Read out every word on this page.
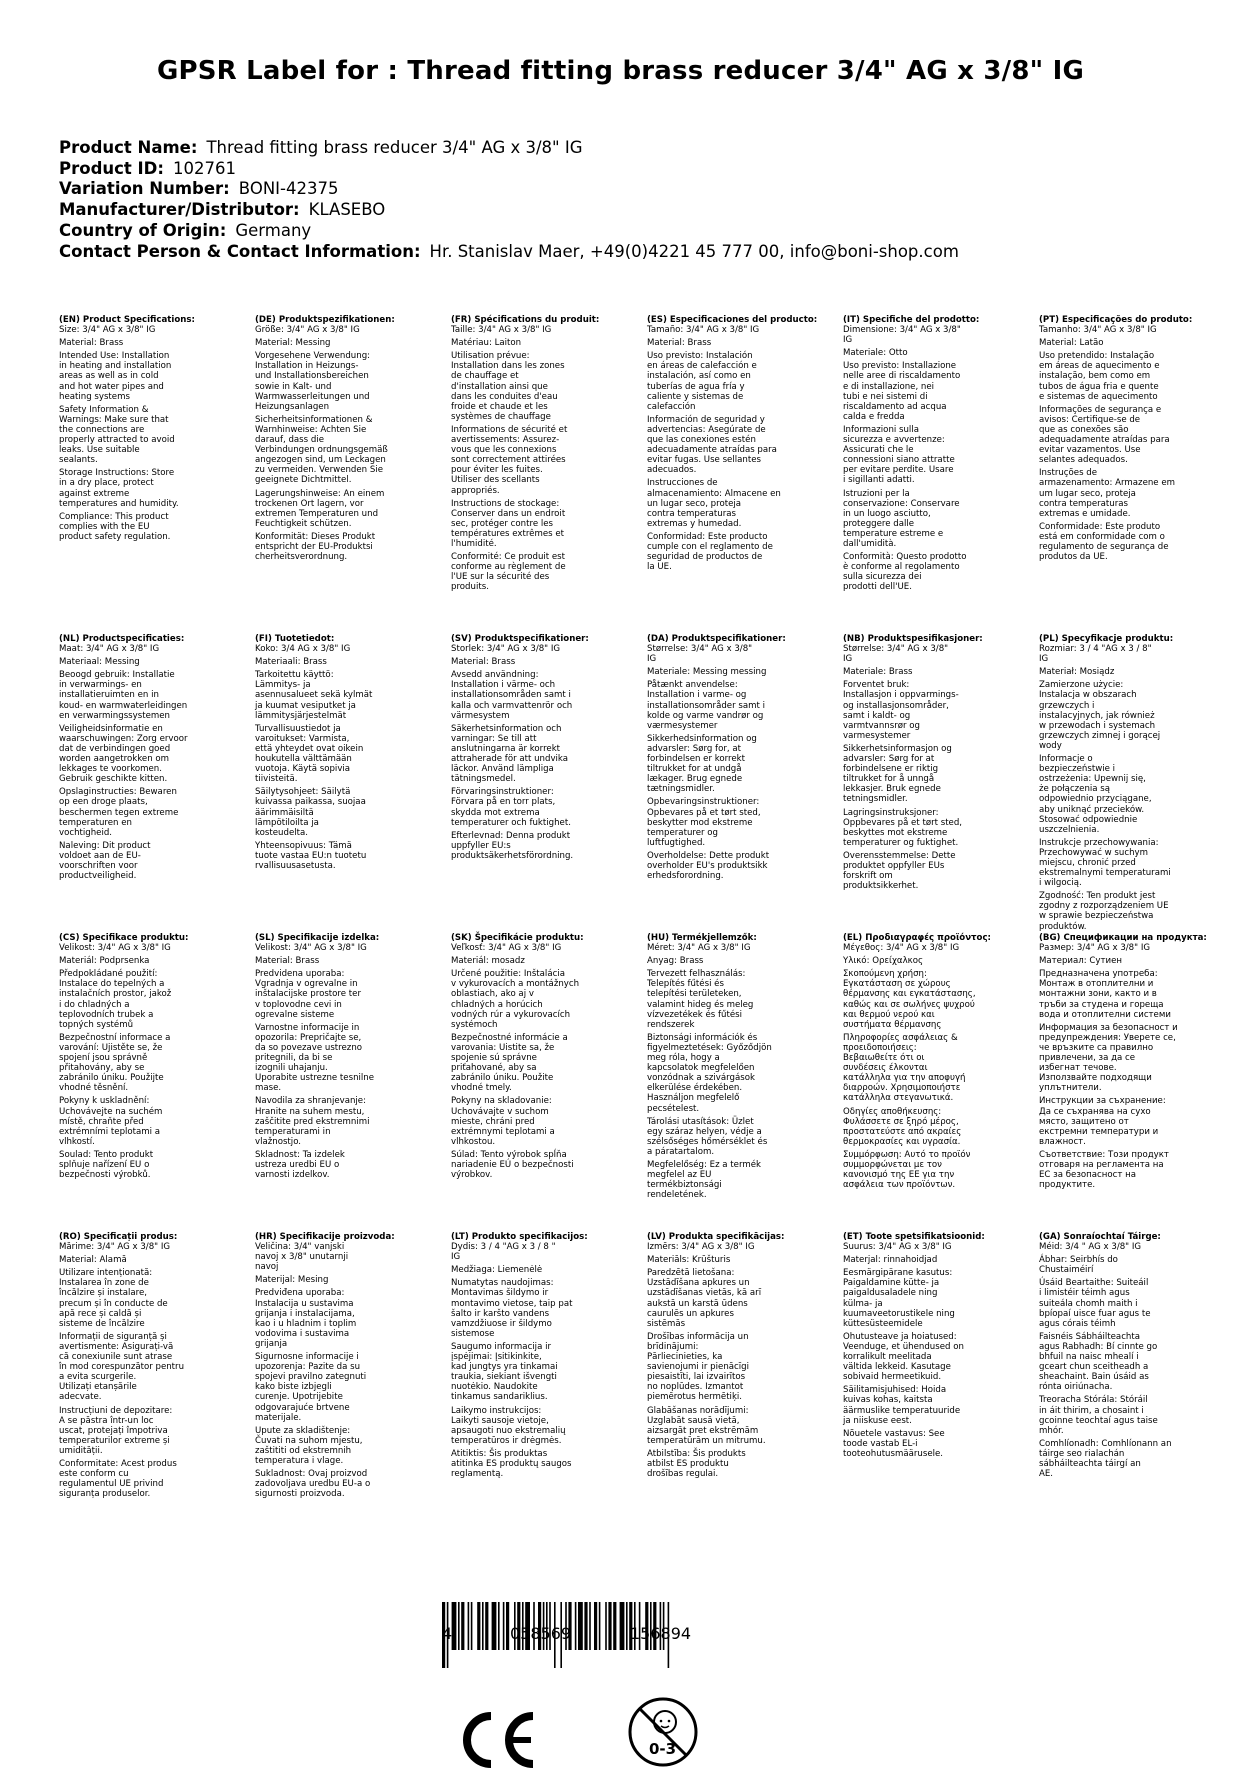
GPSR Label for : Thread fitting brass reducer 3/4" AG x 3/8" IG
Product Name: Thread fitting brass reducer 3/4" AG x 3/8" IG
Product ID: 102761
Variation Number: BONI-42375
Manufacturer/Distributor: KLASEBO
Country of Origin: Germany
Contact Person & Contact Information: Hr. Stanislav Maer, +49(0)4221 45 777 00, info@boni-shop.com
(EN) Product Specifications:
Size: 3/4" AG x 3/8" IG
Material: Brass
Intended Use: Installation
in heating and installation
areas as well as in cold
and hot water pipes and
heating systems
Safety Information &
Warnings: Make sure that
the connections are
properly attracted to avoid
leaks. Use suitable
sealants.
Storage Instructions: Store
in a dry place, protect
against extreme
temperatures and humidity.
Compliance: This product
complies with the EU
product safety regulation.
(DE) Produktspezifikationen:
Größe: 3/4" AG x 3/8" IG
Material: Messing
Vorgesehene Verwendung:
Installation in Heizungs-
und Installationsbereichen
sowie in Kalt- und
Warmwasserleitungen und
Heizungsanlagen
Sicherheitsinformationen &
Warnhinweise: Achten Sie
darauf, dass die
Verbindungen ordnungsgemäß
angezogen sind, um Leckagen
zu vermeiden. Verwenden Sie
geeignete Dichtmittel.
Lagerungshinweise: An einem
trockenen Ort lagern, vor
extremen Temperaturen und
Feuchtigkeit schützen.
Konformität: Dieses Produkt
entspricht der EU-Produktsi
cherheitsverordnung.
(FR) Spécifications du produit:
Taille: 3/4" AG x 3/8" IG
Matériau: Laiton
Utilisation prévue:
Installation dans les zones
de chauffage et
d'installation ainsi que
dans les conduites d'eau
froide et chaude et les
systèmes de chauffage
Informations de sécurité et
avertissements: Assurez-
vous que les connexions
sont correctement attirées
pour éviter les fuites.
Utiliser des scellants
appropriés.
Instructions de stockage:
Conserver dans un endroit
sec, protéger contre les
températures extrêmes et
l'humidité.
Conformité: Ce produit est
conforme au règlement de
l'UE sur la sécurité des
produits.
(ES) Especificaciones del producto:
Tamaño: 3/4" AG x 3/8" IG
Material: Brass
Uso previsto: Instalación
en áreas de calefacción e
instalación, así como en
tuberías de agua fría y
caliente y sistemas de
calefacción
Información de seguridad y
advertencias: Asegúrate de
que las conexiones estén
adecuadamente atraídas para
evitar fugas. Use sellantes
adecuados.
Instrucciones de
almacenamiento: Almacene en
un lugar seco, proteja
contra temperaturas
extremas y humedad.
Conformidad: Este producto
cumple con el reglamento de
seguridad de productos de
la UE.
(IT) Specifiche del prodotto:
Dimensione: 3/4" AG x 3/8"
IG
Materiale: Otto
Uso previsto: Installazione
nelle aree di riscaldamento
e di installazione, nei
tubi e nei sistemi di
riscaldamento ad acqua
calda e fredda
Informazioni sulla
sicurezza e avvertenze:
Assicurati che le
connessioni siano attratte
per evitare perdite. Usare
i sigillanti adatti.
Istruzioni per la
conservazione: Conservare
in un luogo asciutto,
proteggere dalle
temperature estreme e
dall'umidità.
Conformità: Questo prodotto
è conforme al regolamento
sulla sicurezza dei
prodotti dell'UE.
(PT) Especificações do produto:
Tamanho: 3/4" AG x 3/8" IG
Material: Latão
Uso pretendido: Instalação
em áreas de aquecimento e
instalação, bem como em
tubos de água fria e quente
e sistemas de aquecimento
Informações de segurança e
avisos: Certifique-se de
que as conexões são
adequadamente atraídas para
evitar vazamentos. Use
selantes adequados.
Instruções de
armazenamento: Armazene em
um lugar seco, proteja
contra temperaturas
extremas e umidade.
Conformidade: Este produto
está em conformidade com o
regulamento de segurança de
produtos da UE.
(NL) Productspecificaties:
Maat: 3/4" AG x 3/8" IG
Materiaal: Messing
Beoogd gebruik: Installatie
in verwarmings- en
installatieruimten en in
koud- en warmwaterleidingen
en verwarmingssystemen
Veiligheidsinformatie en
waarschuwingen: Zorg ervoor
dat de verbindingen goed
worden aangetrokken om
lekkages te voorkomen.
Gebruik geschikte kitten.
Opslaginstructies: Bewaren
op een droge plaats,
beschermen tegen extreme
temperaturen en
vochtigheid.
Naleving: Dit product
voldoet aan de EU-
voorschriften voor
productveiligheid.
(FI) Tuotetiedot:
Koko: 3/4 AG x 3/8" IG
Materiaali: Brass
Tarkoitettu käyttö:
Lämmitys- ja
asennusalueet sekä kylmät
ja kuumat vesiputket ja
lämmitysjärjestelmät
Turvallisuustiedot ja
varoitukset: Varmista,
että yhteydet ovat oikein
houkutella välttämään
vuotoja. Käytä sopivia
tiivisteitä.
Säilytysohjeet: Säilytä
kuivassa paikassa, suojaa
äärimmäisiltä
lämpötiloilta ja
kosteudelta.
Yhteensopivuus: Tämä
tuote vastaa EU:n tuotetu
rvallisuusasetusta.
(SV) Produktspecifikationer:
Storlek: 3/4" AG x 3/8" IG
Material: Brass
Avsedd användning:
Installation i värme- och
installationsområden samt i
kalla och varmvattenrör och
värmesystem
Säkerhetsinformation och
varningar: Se till att
anslutningarna är korrekt
attraherade för att undvika
läckor. Använd lämpliga
tätningsmedel.
Förvaringsinstruktioner:
Förvara på en torr plats,
skydda mot extrema
temperaturer och fuktighet.
Efterlevnad: Denna produkt
uppfyller EU:s
produktsäkerhetsförordning.
(DA) Produktspecifikationer:
Størrelse: 3/4" AG x 3/8"
IG
Materiale: Messing messing
Påtænkt anvendelse:
Installation i varme- og
installationsområder samt i
kolde og varme vandrør og
værmesystemer
Sikkerhedsinformation og
advarsler: Sørg for, at
forbindelsen er korrekt
tiltrukket for at undgå
lækager. Brug egnede
tætningsmidler.
Opbevaringsinstruktioner:
Opbevares på et tørt sted,
beskytter mod ekstreme
temperaturer og
luftfugtighed.
Overholdelse: Dette produkt
overholder EU's produktsikk
erhedsforordning.
(NB) Produktspesifikasjoner:
Størrelse: 3/4" AG x 3/8"
IG
Materiale: Brass
Forventet bruk:
Installasjon i oppvarmings-
og installasjonsområder,
samt i kaldt- og
varmtvannsrør og
varmesystemer
Sikkerhetsinformasjon og
advarsler: Sørg for at
forbindelsene er riktig
tiltrukket for å unngå
lekkasjer. Bruk egnede
tetningsmidler.
Lagringsinstruksjoner:
Oppbevares på et tørt sted,
beskyttes mot ekstreme
temperaturer og fuktighet.
Overensstemmelse: Dette
produktet oppfyller EUs
forskrift om
produktsikkerhet.
(PL) Specyfikacje produktu:
Rozmiar: 3 / 4 "AG x 3 / 8"
IG
Materiał: Mosiądz
Zamierzone użycie:
Instalacja w obszarach
grzewczych i
instalacyjnych, jak również
w przewodach i systemach
grzewczych zimnej i gorącej
wody
Informacje o
bezpieczeństwie i
ostrzeżenia: Upewnij się,
że połączenia są
odpowiednio przyciągane,
aby uniknąć przecieków.
Stosować odpowiednie
uszczelnienia.
Instrukcje przechowywania:
Przechowywać w suchym
miejscu, chronić przed
ekstremalnymi temperaturami
i wilgocią.
Zgodność: Ten produkt jest
zgodny z rozporządzeniem UE
w sprawie bezpieczeństwa
produktów.
(CS) Specifikace produktu:
Velikost: 3/4" AG x 3/8" IG
Materiál: Podprsenka
Předpokládané použití:
Instalace do tepelných a
instalačních prostor, jakož
i do chladných a
teplovodních trubek a
topných systémů
Bezpečnostní informace a
varování: Ujistěte se, že
spojení jsou správně
přitahovány, aby se
zabránilo úniku. Použijte
vhodné těsnění.
Pokyny k uskladnění:
Uchovávejte na suchém
místě, chraňte před
extrémními teplotami a
vlhkostí.
Soulad: Tento produkt
splňuje nařízení EU o
bezpečnosti výrobků.
(SL) Specifikacije izdelka:
Velikost: 3/4" AG x 3/8" IG
Material: Brass
Predvidena uporaba:
Vgradnja v ogrevalne in
inštalacijske prostore ter
v toplovodne cevi in
ogrevalne sisteme
Varnostne informacije in
opozorila: Prepričajte se,
da so povezave ustrezno
pritegnili, da bi se
izognili uhajanju.
Uporabite ustrezne tesnilne
mase.
Navodila za shranjevanje:
Hranite na suhem mestu,
zaščitite pred ekstremnimi
temperaturami in
vlažnostjo.
Skladnost: Ta izdelek
ustreza uredbi EU o
varnosti izdelkov.
(SK) Špecifikácie produktu:
Veľkosť: 3/4" AG x 3/8" IG
Materiál: mosadz
Určené použitie: Inštalácia
v vykurovacích a montážnych
oblastiach, ako aj v
chladných a horúcich
vodných rúr a vykurovacích
systémoch
Bezpečnostné informácie a
varovania: Uistite sa, že
spojenie sú správne
priťahované, aby sa
zabránilo úniku. Použite
vhodné tmely.
Pokyny na skladovanie:
Uchovávajte v suchom
mieste, chráni pred
extrémnymi teplotami a
vlhkostou.
Súlad: Tento výrobok spĺňa
nariadenie EÚ o bezpečnosti
výrobkov.
(HU) Termékjellemzők:
Méret: 3/4" AG x 3/8" IG
Anyag: Brass
Tervezett felhasználás:
Telepítés fűtési és
telepítési területeken,
valamint hideg és meleg
vízvezetékek és fűtési
rendszerek
Biztonsági információk és
figyelmeztetések: Győződjön
meg róla, hogy a
kapcsolatok megfelelően
vonzódnak a szivárgások
elkerülése érdekében.
Használjon megfelelő
pecsételest.
Tárolási utasítások: Üzlet
egy száraz helyen, védje a
szélsőséges hőmérséklet és
a páratartalom.
Megfelelőség: Ez a termék
megfelel az EU
termékbiztonsági
rendeletének.
(EL) Προδιαγραφές προϊόντος:
Μέγεθος: 3/4" AG x 3/8" IG
Υλικό: Ορείχαλκος
Σκοπούμενη χρήση:
Εγκατάσταση σε χώρους
θέρμανσης και εγκατάστασης,
καθώς και σε σωλήνες ψυχρού
και θερμού νερού και
συστήματα θέρμανσης
Πληροφορίες ασφάλειας &
προειδοποιήσεις:
Βεβαιωθείτε ότι οι
συνδέσεις έλκονται
κατάλληλα για την αποφυγή
διαρροών. Χρησιμοποιήστε
κατάλληλα στεγανωτικά.
Οδηγίες αποθήκευσης:
Φυλάσσετε σε ξηρό μέρος,
προστατεύστε από ακραίες
θερμοκρασίες και υγρασία.
Συμμόρφωση: Αυτό το προϊόν
συμμορφώνεται με τον
κανονισμό της ΕΕ για την
ασφάλεια των προϊόντων.
(BG) Спецификации на продукта:
Размер: 3/4" AG x 3/8" IG
Материал: Сутиен
Предназначена употреба:
Монтаж в отоплителни и
монтажни зони, както и в
тръби за студена и гореща
вода и отоплителни системи
Информация за безопасност и
предупреждения: Уверете се,
че връзките са правилно
привлечени, за да се
избегнат течове.
Използвайте подходящи
уплътнители.
Инструкции за съхранение:
Да се съхранява на сухо
място, защитено от
екстремни температури и
влажност.
Съответствие: Този продукт
отговаря на регламента на
ЕС за безопасност на
продуктите.
(RO) Specificații produs:
Mărime: 3/4" AG x 3/8" IG
Material: Alamă
Utilizare intenționată:
Instalarea în zone de
încălzire și instalare,
precum și în conducte de
apă rece și caldă și
sisteme de încălzire
Informații de siguranță și
avertismente: Asigurați-vă
că conexiunile sunt atrase
în mod corespunzător pentru
a evita scurgerile.
Utilizați etanșările
adecvate.
Instrucțiuni de depozitare:
A se păstra într-un loc
uscat, protejați împotriva
temperaturilor extreme și
umidității.
Conformitate: Acest produs
este conform cu
regulamentul UE privind
siguranța produselor.
(HR) Specifikacije proizvoda:
Veličina: 3/4" vanjski
navoj x 3/8" unutarnji
navoj
Materijal: Mesing
Predviđena uporaba:
Instalacija u sustavima
grijanja i instalacijama,
kao i u hladnim i toplim
vodovima i sustavima
grijanja
Sigurnosne informacije i
upozorenja: Pazite da su
spojevi pravilno zategnuti
kako biste izbjegli
curenje. Upotrijebite
odgovarajuće brtvene
materijale.
Upute za skladištenje:
Čuvati na suhom mjestu,
zaštititi od ekstremnih
temperatura i vlage.
Sukladnost: Ovaj proizvod
zadovoljava uredbu EU-a o
sigurnosti proizvoda.
(LT) Produkto specifikacijos:
Dydis: 3 / 4 "AG x 3 / 8 "
IG
Medžiaga: Liemenėlė
Numatytas naudojimas:
Montavimas šildymo ir
montavimo vietose, taip pat
šalto ir karšto vandens
vamzdžiuose ir šildymo
sistemose
Saugumo informacija ir
įspėjimai: Įsitikinkite,
kad jungtys yra tinkamai
traukia, siekiant išvengti
nuotėkio. Naudokite
tinkamus sandariklius.
Laikymo instrukcijos:
Laikyti sausoje vietoje,
apsaugoti nuo ekstremalių
temperatūros ir drėgmės.
Atitiktis: Šis produktas
atitinka ES produktų saugos
reglamentą.
(LV) Produkta specifikācijas:
Izmērs: 3/4" AG x 3/8" IG
Materiāls: Krūšturis
Paredzētā lietošana:
Uzstādīšana apkures un
uzstādīšanas vietās, kā arī
aukstā un karstā ūdens
caurulēs un apkures
sistēmās
Drošības informācija un
brīdinājumi:
Pārliecinieties, ka
savienojumi ir pienācīgi
piesaistīti, lai izvairītos
no noplūdes. Izmantot
piemērotus hermētiķi.
Glabāšanas norādījumi:
Uzglabāt sausā vietā,
aizsargāt pret ekstrēmām
temperatūrām un mitrumu.
Atbilstība: Šis produkts
atbilst ES produktu
drošības regulai.
(ET) Toote spetsifikatsioonid:
Suurus: 3/4" AG x 3/8" IG
Materjal: rinnahoidjad
Eesmärgipärane kasutus:
Paigaldamine kütte- ja
paigaldusaladele ning
külma- ja
kuumaveetorustikele ning
küttesüsteemidele
Ohutusteave ja hoiatused:
Veenduge, et ühendused on
korralikult meelitada
vältida lekkeid. Kasutage
sobivaid hermeetikuid.
Säilitamisjuhised: Hoida
kuivas kohas, kaitsta
äärmuslike temperatuuride
ja niiskuse eest.
Nõuetele vastavus: See
toode vastab EL-i
tooteohutusmäärusele.
(GA) Sonraíochtaí Táirge:
Méid: 3/4 " AG x 3/8" IG
Ábhar: Seirbhís do
Chustaiméirí
Úsáid Beartaithe: Suiteáil
i limistéir téimh agus
suiteála chomh maith i
bpíopaí uisce fuar agus te
agus córais téimh
Faisnéis Sábháilteachta
agus Rabhadh: Bí cinnte go
bhfuil na naisc mhealí i
gceart chun sceitheadh a
sheachaint. Bain úsáid as
rónta oiriúnacha.
Treoracha Stórála: Stóráil
in áit thirim, a chosaint i
gcoinne teochtaí agus taise
mhór.
Comhlíonadh: Comhlíonann an
táirge seo rialachán
sábháilteachta táirgí an
AE.
4	058569	156894
0-3
